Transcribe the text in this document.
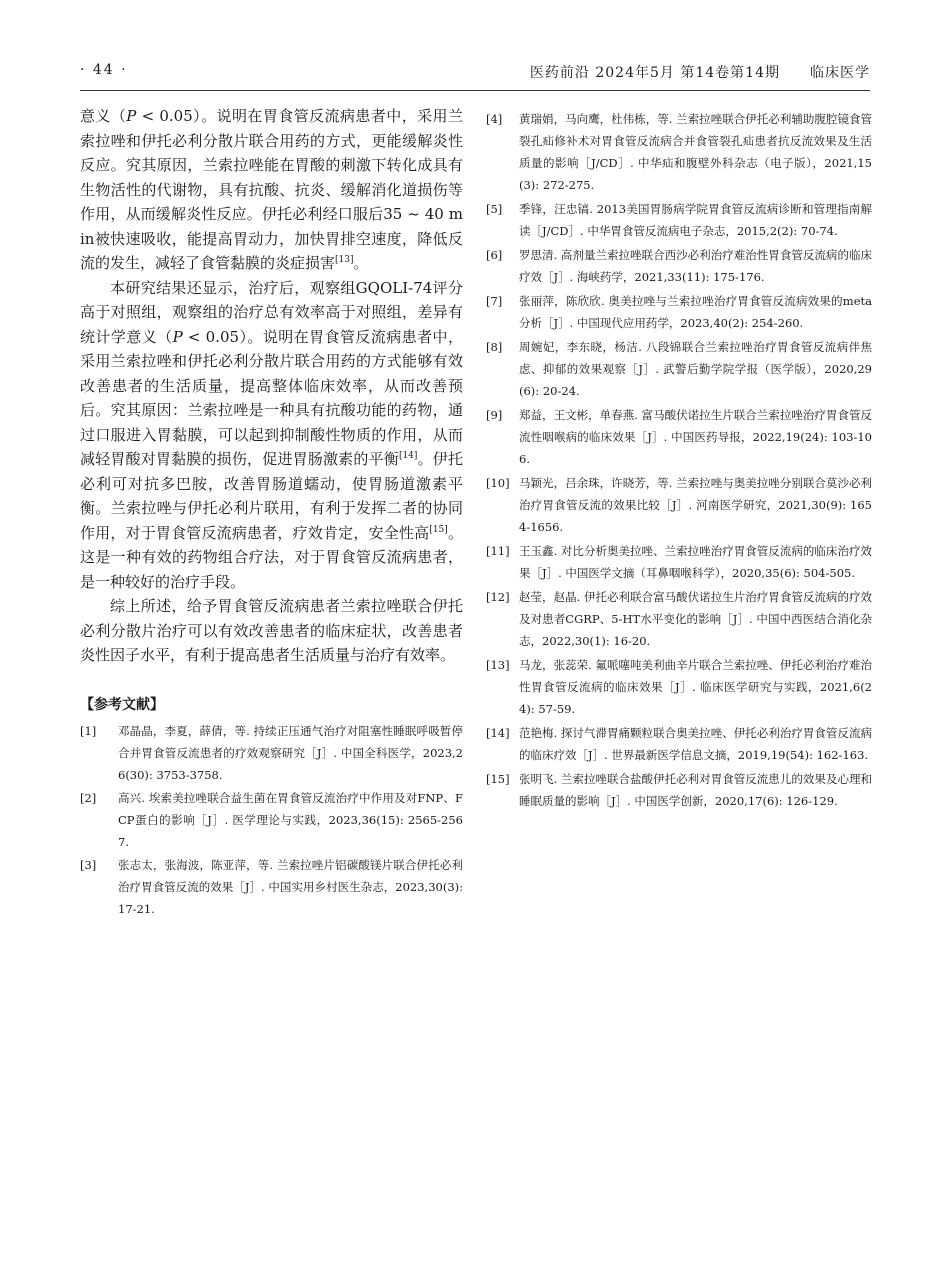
· 44 ·	医药前沿 2024年5月 第14卷第14期 临床医学

意义（P < 0.05）。说明在胃食管反流病患者中，采用兰索拉唑和伊托必利分散片联合用药的方式，更能缓解炎性反应。究其原因，兰索拉唑能在胃酸的刺激下转化成具有生物活性的代谢物，具有抗酸、抗炎、缓解消化道损伤等作用，从而缓解炎性反应。伊托必利经口服后35 ~ 40 min被快速吸收，能提高胃动力，加快胃排空速度，降低反流的发生，减轻了食管黏膜的炎症损害[13]。

本研究结果还显示，治疗后，观察组GQOLI-74评分高于对照组，观察组的治疗总有效率高于对照组，差异有统计学意义（P < 0.05）。说明在胃食管反流病患者中，采用兰索拉唑和伊托必利分散片联合用药的方式能够有效改善患者的生活质量，提高整体临床效率，从而改善预后。究其原因：兰索拉唑是一种具有抗酸功能的药物，通过口服进入胃黏膜，可以起到抑制酸性物质的作用，从而减轻胃酸对胃黏膜的损伤，促进胃肠激素的平衡[14]。伊托必利可对抗多巴胺，改善胃肠道蠕动，使胃肠道激素平衡。兰索拉唑与伊托必利片联用，有利于发挥二者的协同作用，对于胃食管反流病患者，疗效肯定，安全性高[15]。这是一种有效的药物组合疗法，对于胃食管反流病患者，是一种较好的治疗手段。

综上所述，给予胃食管反流病患者兰索拉唑联合伊托必利分散片治疗可以有效改善患者的临床症状，改善患者炎性因子水平，有利于提高患者生活质量与治疗有效率。

【参考文献】
[1] 邓晶晶，李夏，薛倩，等. 持续正压通气治疗对阻塞性睡眠呼吸暂停合并胃食管反流患者的疗效观察研究［J］. 中国全科医学，2023,26(30): 3753-3758.
[2] 高兴. 埃索美拉唑联合益生菌在胃食管反流治疗中作用及对FNP、FCP蛋白的影响［J］. 医学理论与实践，2023,36(15): 2565-2567.
[3] 张志太，张海波，陈亚萍，等. 兰索拉唑片铝碳酸镁片联合伊托必利治疗胃食管反流的效果［J］. 中国实用乡村医生杂志，2023,30(3): 17-21.
[4] 黄瑞娟，马向鹰，杜伟栋，等. 兰索拉唑联合伊托必利辅助腹腔镜食管裂孔疝修补术对胃食管反流病合并食管裂孔疝患者抗反流效果及生活质量的影响［J/CD］. 中华疝和腹壁外科杂志（电子版），2021,15(3): 272-275.
[5] 季锋，汪忠镐. 2013美国胃肠病学院胃食管反流病诊断和管理指南解读［J/CD］. 中华胃食管反流病电子杂志，2015,2(2): 70-74.
[6] 罗思清. 高剂量兰索拉唑联合西沙必利治疗难治性胃食管反流病的临床疗效［J］. 海峡药学，2021,33(11): 175-176.
[7] 张丽萍，陈欣欣. 奥美拉唑与兰索拉唑治疗胃食管反流病效果的meta分析［J］. 中国现代应用药学，2023,40(2): 254-260.
[8] 周婉妃，李东晓，杨洁. 八段锦联合兰索拉唑治疗胃食管反流病伴焦虑、抑郁的效果观察［J］. 武警后勤学院学报（医学版），2020,29(6): 20-24.
[9] 郑益，王文彬，单春燕. 富马酸伏诺拉生片联合兰索拉唑治疗胃食管反流性咽喉病的临床效果［J］. 中国医药导报，2022,19(24): 103-106.
[10] 马颖光，吕余珠，许晓芳，等. 兰索拉唑与奥美拉唑分别联合莫沙必利治疗胃食管反流的效果比较［J］. 河南医学研究，2021,30(9): 1654-1656.
[11] 王玉鑫. 对比分析奥美拉唑、兰索拉唑治疗胃食管反流病的临床治疗效果［J］. 中国医学文摘（耳鼻咽喉科学），2020,35(6): 504-505.
[12] 赵莹，赵晶. 伊托必利联合富马酸伏诺拉生片治疗胃食管反流病的疗效及对患者CGRP、5-HT水平变化的影响［J］. 中国中西医结合消化杂志，2022,30(1): 16-20.
[13] 马龙，张蕊荣. 氟哌噻吨美利曲辛片联合兰索拉唑、伊托必利治疗难治性胃食管反流病的临床效果［J］. 临床医学研究与实践，2021,6(24): 57-59.
[14] 范艳梅. 探讨气滞胃痛颗粒联合奥美拉唑、伊托必利治疗胃食管反流病的临床疗效［J］. 世界最新医学信息文摘，2019,19(54): 162-163.
[15] 张明飞. 兰索拉唑联合盐酸伊托必利对胃食管反流患儿的效果及心理和睡眠质量的影响［J］. 中国医学创新，2020,17(6): 126-129.
